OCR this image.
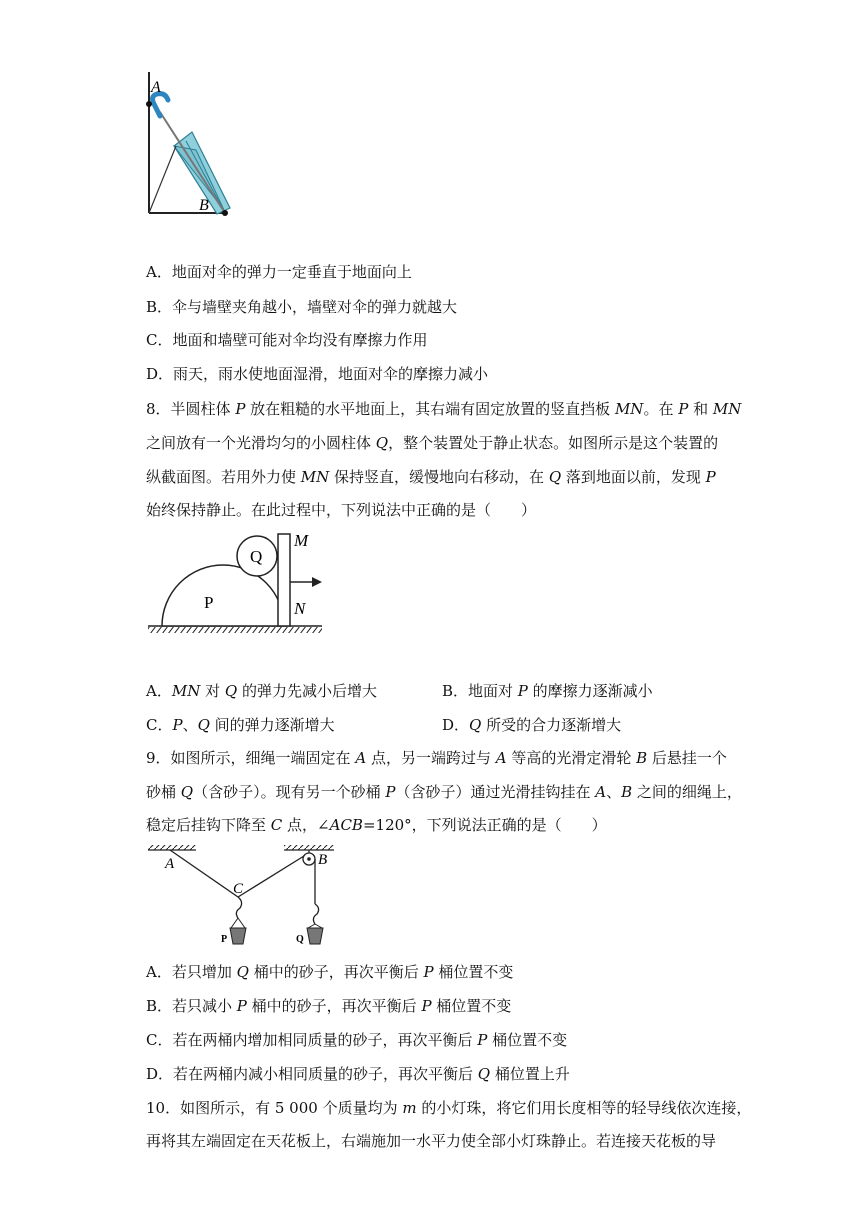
A
B
A．地面对伞的弹力一定垂直于地面向上
B．伞与墙壁夹角越小，墙壁对伞的弹力就越大
C．地面和墙壁可能对伞均没有摩擦力作用
D．雨天，雨水使地面湿滑，地面对伞的摩擦力减小
8．半圆柱体 P 放在粗糙的水平地面上，其右端有固定放置的竖直挡板 MN。在 P 和 MN
之间放有一个光滑均匀的小圆柱体 Q，整个装置处于静止状态。如图所示是这个装置的
纵截面图。若用外力使 MN 保持竖直，缓慢地向右移动，在 Q 落到地面以前，发现 P
始终保持静止。在此过程中，下列说法中正确的是（　　）
P
Q
M
N
A．MN 对 Q 的弹力先减小后增大	B．地面对 P 的摩擦力逐渐减小
C．P、Q 间的弹力逐渐增大	D．Q 所受的合力逐渐增大
9．如图所示，细绳一端固定在 A 点，另一端跨过与 A 等高的光滑定滑轮 B 后悬挂一个
砂桶 Q（含砂子）。现有另一个砂桶 P（含砂子）通过光滑挂钩挂在 A、B 之间的细绳上，
稳定后挂钩下降至 C 点，∠ACB=120°，下列说法正确的是（　　）
A	B
C
P	Q
A．若只增加 Q 桶中的砂子，再次平衡后 P 桶位置不变
B．若只减小 P 桶中的砂子，再次平衡后 P 桶位置不变
C．若在两桶内增加相同质量的砂子，再次平衡后 P 桶位置不变
D．若在两桶内减小相同质量的砂子，再次平衡后 Q 桶位置上升
10．如图所示，有 5 000 个质量均为 m 的小灯珠，将它们用长度相等的轻导线依次连接，
再将其左端固定在天花板上，右端施加一水平力使全部小灯珠静止。若连接天花板的导
